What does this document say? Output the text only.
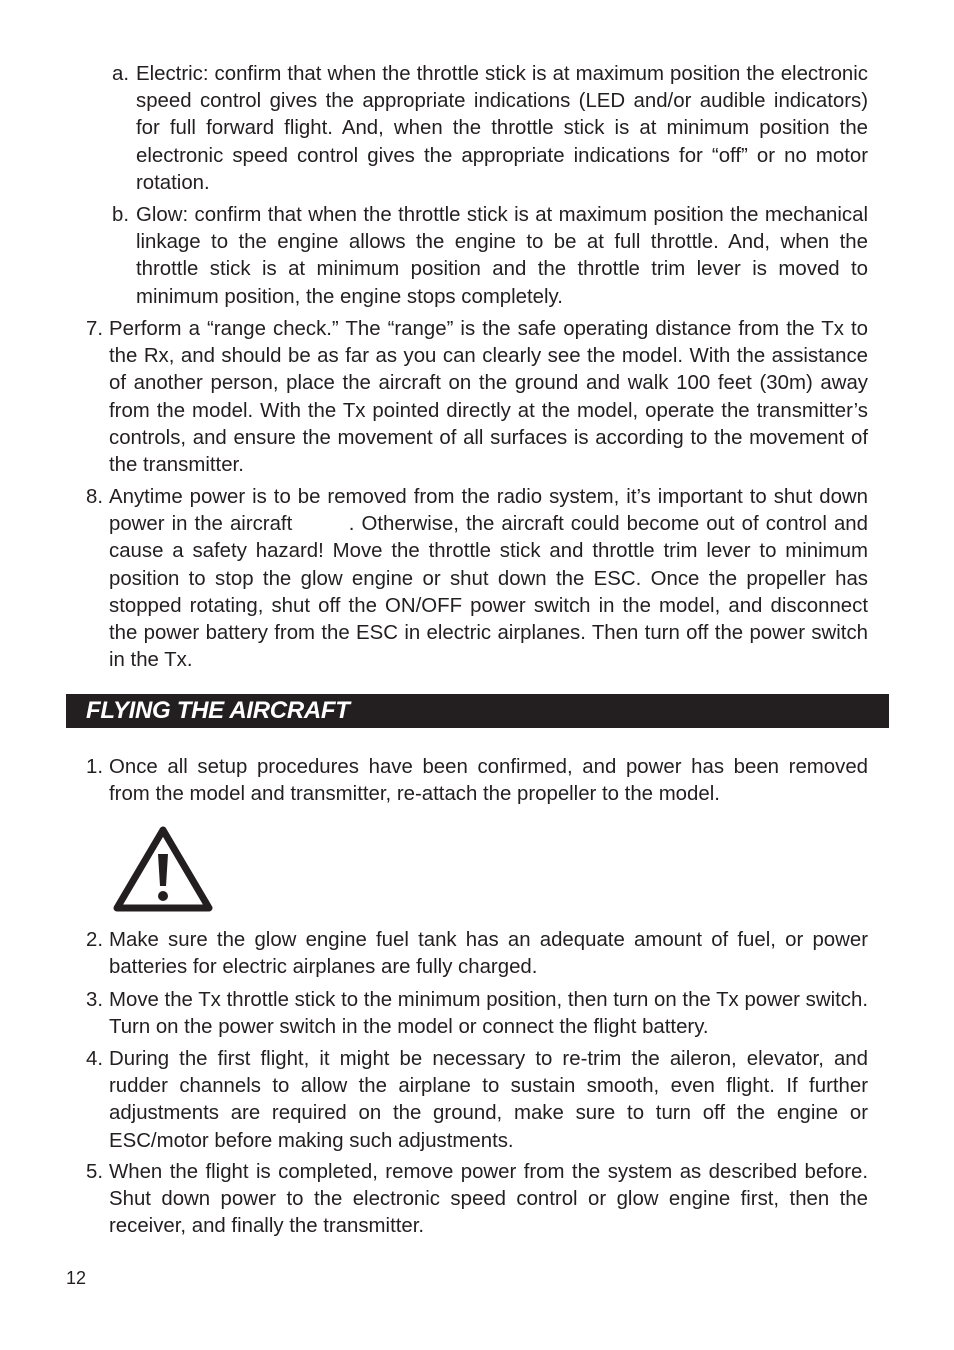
a. Electric: confirm that when the throttle stick is at maximum position the electronic speed control gives the appropriate indications (LED and/or audible indicators) for full forward flight. And, when the throttle stick is at minimum position the electronic speed control gives the appropriate indications for “off” or no motor rotation.
b. Glow: confirm that when the throttle stick is at maximum position the mechanical linkage to the engine allows the engine to be at full throttle. And, when the throttle stick is at minimum position and the throttle trim lever is moved to minimum position, the engine stops completely.
7. Perform a “range check.” The “range” is the safe operating distance from the Tx to the Rx, and should be as far as you can clearly see the model. With the assistance of another person, place the aircraft on the ground and walk 100 feet (30m) away from the model. With the Tx pointed directly at the model, operate the transmitter’s controls, and ensure the movement of all surfaces is according to the movement of the transmitter.
8. Anytime power is to be removed from the radio system, it’s important to shut down power in the aircraft        . Otherwise, the aircraft could become out of control and cause a safety hazard! Move the throttle stick and throttle trim lever to minimum position to stop the glow engine or shut down the ESC. Once the propeller has stopped rotating, shut off the ON/OFF power switch in the model, and disconnect the power battery from the ESC in electric airplanes. Then turn off the power switch in the Tx.
FLYING THE AIRCRAFT
1. Once all setup procedures have been confirmed, and power has been removed from the model and transmitter, re-attach the propeller to the model.
2. Make sure the glow engine fuel tank has an adequate amount of fuel, or power batteries for electric airplanes are fully charged.
3. Move the Tx throttle stick to the minimum position, then turn on the Tx power switch. Turn on the power switch in the model or connect the flight battery.
4. During the first flight, it might be necessary to re-trim the aileron, elevator, and rudder channels to allow the airplane to sustain smooth, even flight. If further adjustments are required on the ground, make sure to turn off the engine or ESC/motor before making such adjustments.
5. When the flight is completed, remove power from the system as described before. Shut down power to the electronic speed control or glow engine first, then the receiver, and finally the transmitter.
12
